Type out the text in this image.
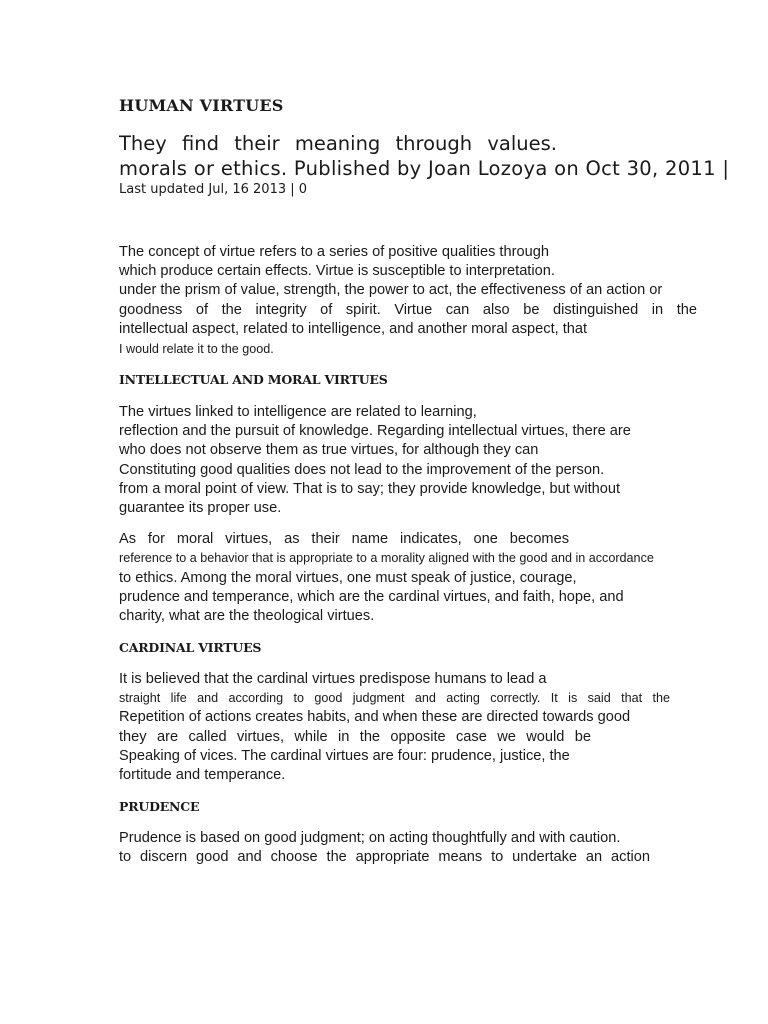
HUMAN VIRTUES

They find their meaning through values.

morals or ethics. Published by Joan Lozoya on Oct 30, 2011 |

Last updated Jul, 16 2013 | 0

The concept of virtue refers to a series of positive qualities through

which produce certain effects. Virtue is susceptible to interpretation.

under the prism of value, strength, the power to act, the effectiveness of an action or

goodness of the integrity of spirit. Virtue can also be distinguished in the

intellectual aspect, related to intelligence, and another moral aspect, that

I would relate it to the good.

INTELLECTUAL AND MORAL VIRTUES

The virtues linked to intelligence are related to learning,

reflection and the pursuit of knowledge. Regarding intellectual virtues, there are

who does not observe them as true virtues, for although they can

Constituting good qualities does not lead to the improvement of the person.

from a moral point of view. That is to say; they provide knowledge, but without

guarantee its proper use.

As for moral virtues, as their name indicates, one becomes

reference to a behavior that is appropriate to a morality aligned with the good and in accordance

to ethics. Among the moral virtues, one must speak of justice, courage,

prudence and temperance, which are the cardinal virtues, and faith, hope, and

charity, what are the theological virtues.

CARDINAL VIRTUES

It is believed that the cardinal virtues predispose humans to lead a

straight life and according to good judgment and acting correctly. It is said that the

Repetition of actions creates habits, and when these are directed towards good

they are called virtues, while in the opposite case we would be

Speaking of vices. The cardinal virtues are four: prudence, justice, the

fortitude and temperance.

PRUDENCE

Prudence is based on good judgment; on acting thoughtfully and with caution.

to discern good and choose the appropriate means to undertake an action
